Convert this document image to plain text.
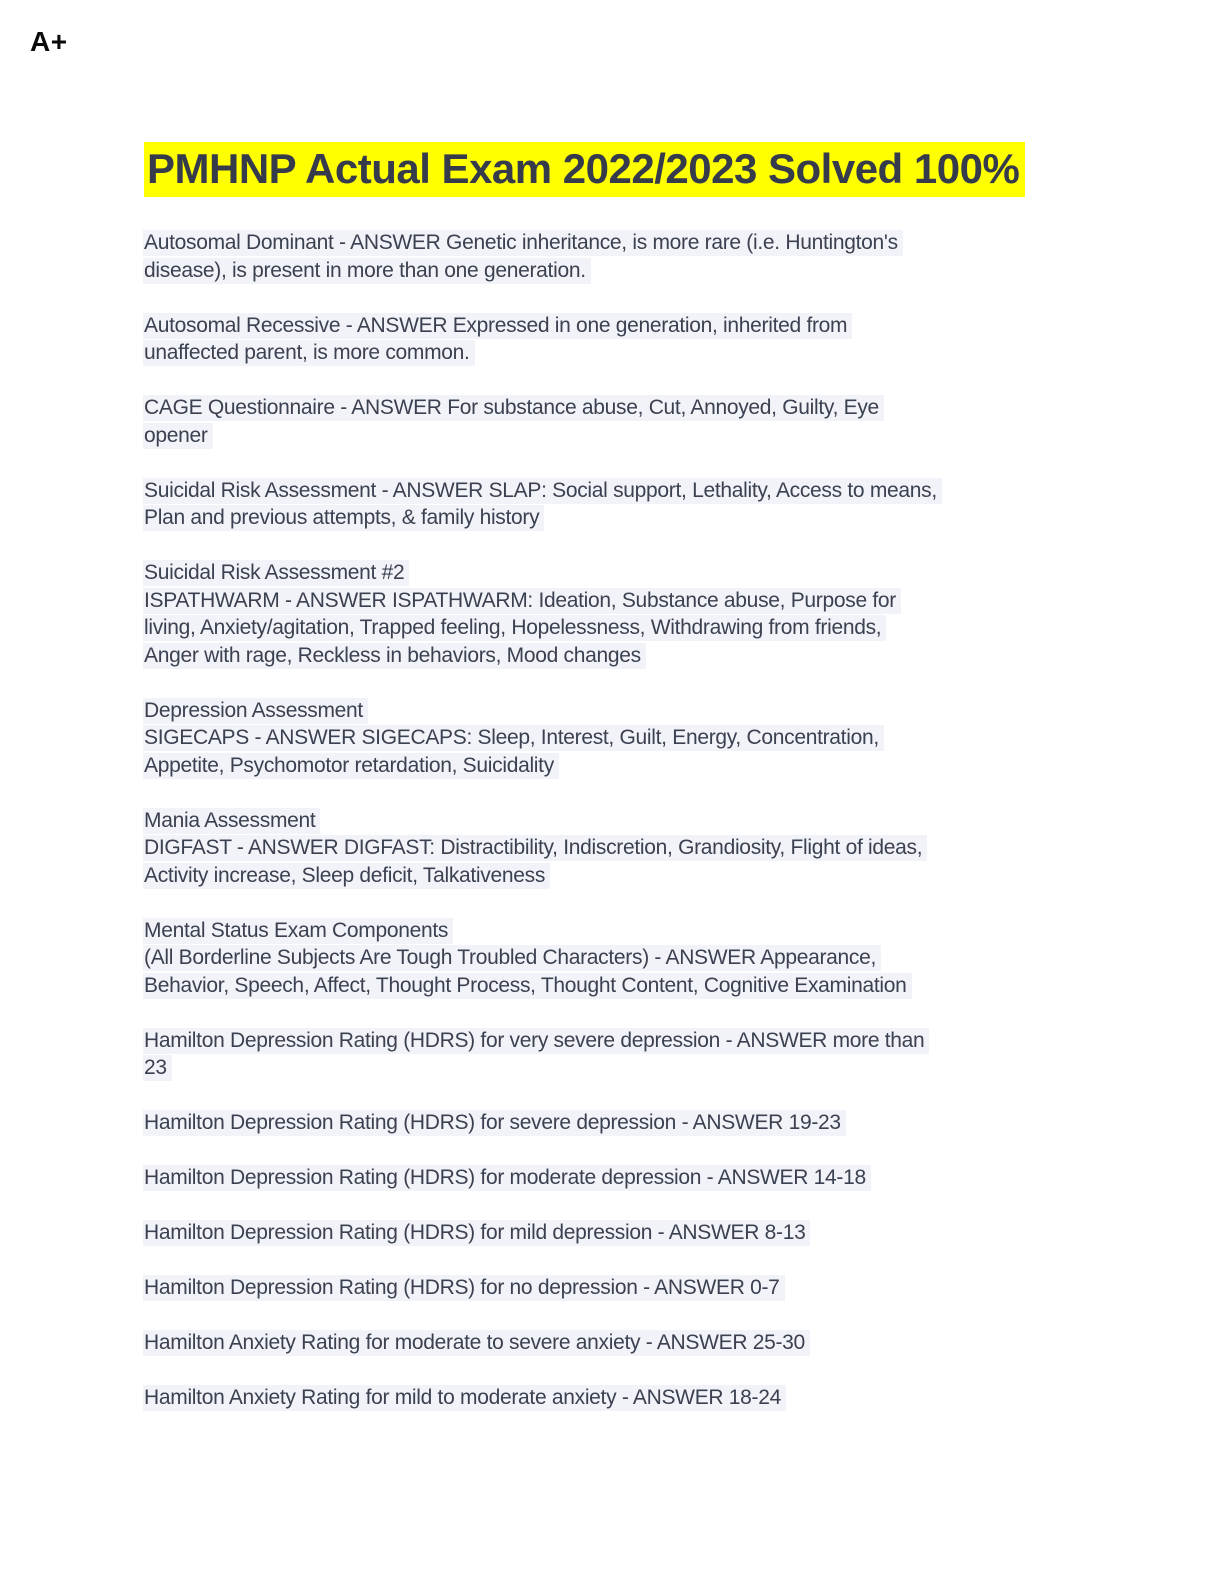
A+
PMHNP Actual Exam 2022/2023 Solved 100%

Autosomal Dominant - ANSWER Genetic inheritance, is more rare (i.e. Huntington's
disease), is present in more than one generation.

Autosomal Recessive - ANSWER Expressed in one generation, inherited from
unaffected parent, is more common.

CAGE Questionnaire - ANSWER For substance abuse, Cut, Annoyed, Guilty, Eye
opener

Suicidal Risk Assessment - ANSWER SLAP: Social support, Lethality, Access to means,
Plan and previous attempts, & family history

Suicidal Risk Assessment #2
ISPATHWARM - ANSWER ISPATHWARM: Ideation, Substance abuse, Purpose for
living, Anxiety/agitation, Trapped feeling, Hopelessness, Withdrawing from friends,
Anger with rage, Reckless in behaviors, Mood changes

Depression Assessment
SIGECAPS - ANSWER SIGECAPS: Sleep, Interest, Guilt, Energy, Concentration,
Appetite, Psychomotor retardation, Suicidality

Mania Assessment
DIGFAST - ANSWER DIGFAST: Distractibility, Indiscretion, Grandiosity, Flight of ideas,
Activity increase, Sleep deficit, Talkativeness

Mental Status Exam Components
(All Borderline Subjects Are Tough Troubled Characters) - ANSWER Appearance,
Behavior, Speech, Affect, Thought Process, Thought Content, Cognitive Examination

Hamilton Depression Rating (HDRS) for very severe depression - ANSWER more than
23

Hamilton Depression Rating (HDRS) for severe depression - ANSWER 19-23

Hamilton Depression Rating (HDRS) for moderate depression - ANSWER 14-18

Hamilton Depression Rating (HDRS) for mild depression - ANSWER 8-13

Hamilton Depression Rating (HDRS) for no depression - ANSWER 0-7

Hamilton Anxiety Rating for moderate to severe anxiety - ANSWER 25-30

Hamilton Anxiety Rating for mild to moderate anxiety - ANSWER 18-24
